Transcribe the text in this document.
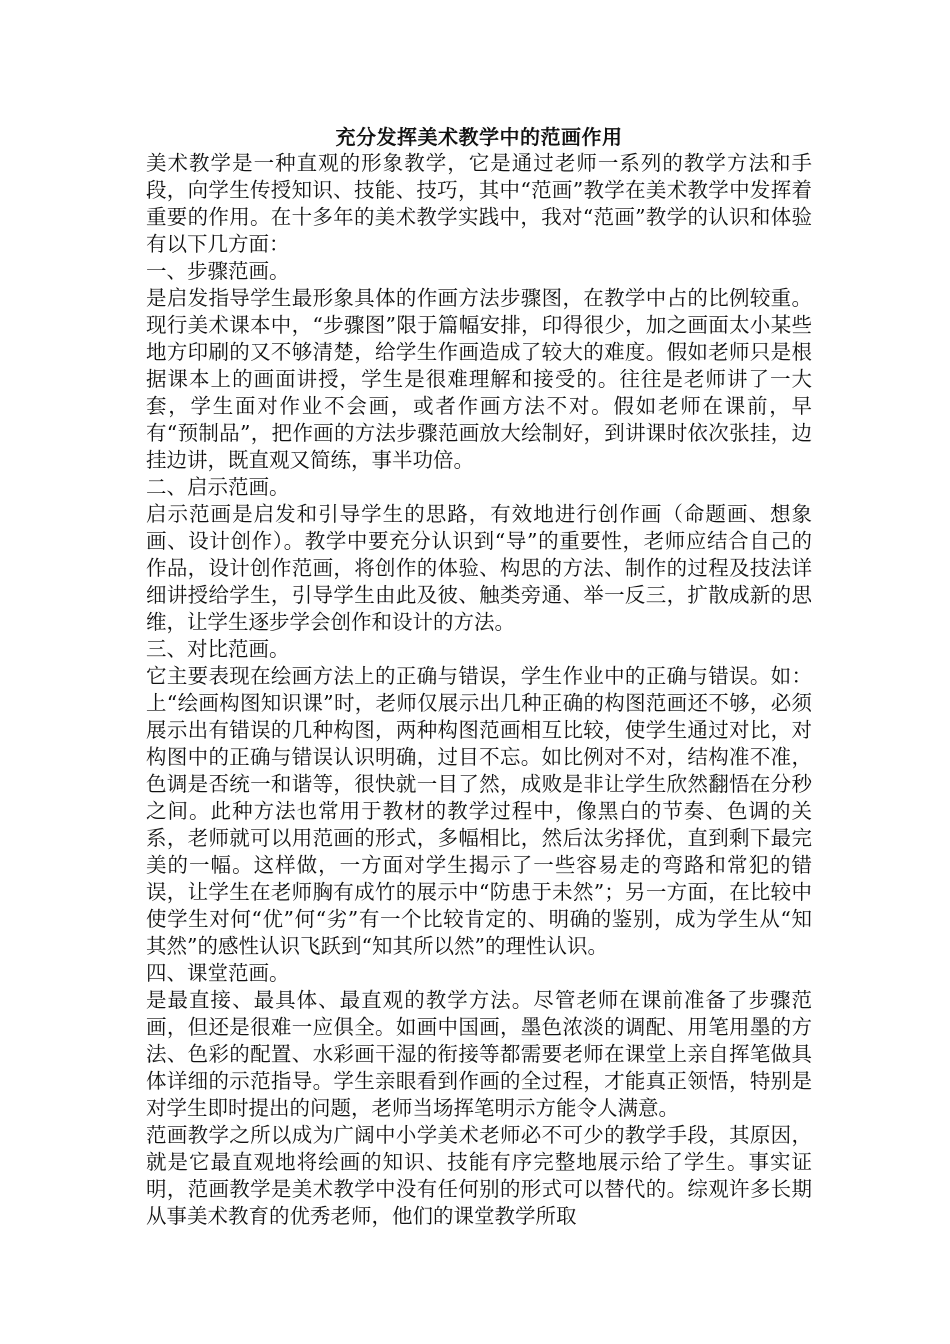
充分发挥美术教学中的范画作用

美术教学是一种直观的形象教学，它是通过老师一系列的教学方法和手段，向学生传授知识、技能、技巧，其中“范画”教学在美术教学中发挥着重要的作用。在十多年的美术教学实践中，我对“范画”教学的认识和体验有以下几方面：

一、步骤范画。

是启发指导学生最形象具体的作画方法步骤图，在教学中占的比例较重。现行美术课本中，“步骤图”限于篇幅安排，印得很少，加之画面太小某些地方印刷的又不够清楚，给学生作画造成了较大的难度。假如老师只是根据课本上的画面讲授，学生是很难理解和接受的。往往是老师讲了一大套，学生面对作业不会画，或者作画方法不对。假如老师在课前，早有“预制品”，把作画的方法步骤范画放大绘制好，到讲课时依次张挂，边挂边讲，既直观又简练，事半功倍。

二、启示范画。

启示范画是启发和引导学生的思路，有效地进行创作画（命题画、想象画、设计创作）。教学中要充分认识到“导”的重要性，老师应结合自己的作品，设计创作范画，将创作的体验、构思的方法、制作的过程及技法详细讲授给学生，引导学生由此及彼、触类旁通、举一反三，扩散成新的思维，让学生逐步学会创作和设计的方法。

三、对比范画。

它主要表现在绘画方法上的正确与错误，学生作业中的正确与错误。如：上“绘画构图知识课”时，老师仅展示出几种正确的构图范画还不够，必须展示出有错误的几种构图，两种构图范画相互比较，使学生通过对比，对构图中的正确与错误认识明确，过目不忘。如比例对不对，结构准不准，色调是否统一和谐等，很快就一目了然，成败是非让学生欣然翻悟在分秒之间。此种方法也常用于教材的教学过程中，像黑白的节奏、色调的关系，老师就可以用范画的形式，多幅相比，然后汰劣择优，直到剩下最完美的一幅。这样做，一方面对学生揭示了一些容易走的弯路和常犯的错误，让学生在老师胸有成竹的展示中“防患于未然”；另一方面，在比较中使学生对何“优”何“劣”有一个比较肯定的、明确的鉴别，成为学生从“知其然”的感性认识飞跃到“知其所以然”的理性认识。

四、课堂范画。

是最直接、最具体、最直观的教学方法。尽管老师在课前准备了步骤范画，但还是很难一应俱全。如画中国画，墨色浓淡的调配、用笔用墨的方法、色彩的配置、水彩画干湿的衔接等都需要老师在课堂上亲自挥笔做具体详细的示范指导。学生亲眼看到作画的全过程，才能真正领悟，特别是对学生即时提出的问题，老师当场挥笔明示方能令人满意。

范画教学之所以成为广阔中小学美术老师必不可少的教学手段，其原因，就是它最直观地将绘画的知识、技能有序完整地展示给了学生。事实证明，范画教学是美术教学中没有任何别的形式可以替代的。综观许多长期从事美术教育的优秀老师，他们的课堂教学所取
